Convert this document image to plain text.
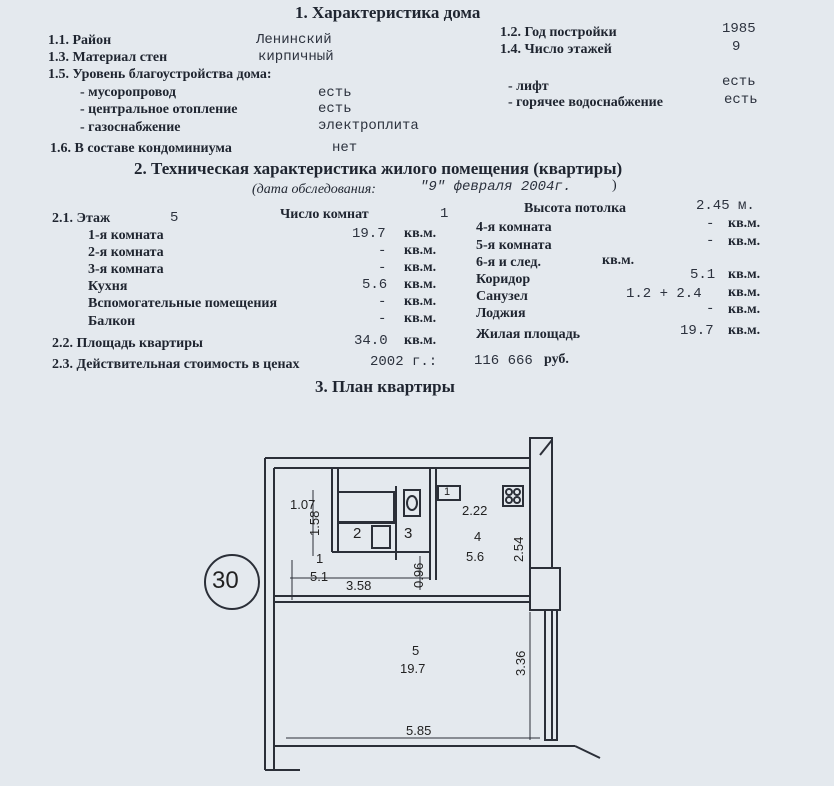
1. Характеристика дома
1.1. Район	Ленинский	1.2. Год постройки	1985
1.3. Материал стен	кирпичный	1.4. Число этажей	9
1.5. Уровень благоустройства дома:
- мусоропровод	есть	- лифт	есть
- центральное отопление	есть	- горячее водоснабжение	есть
- газоснабжение	электроплита
1.6. В составе кондоминиума	нет
2. Техническая характеристика жилого помещения (квартиры)
(дата обследования:	"9" февраля 2004г.	)
2.1. Этаж	5	Число комнат	1	Высота потолка	2.45 м.
1-я комната	19.7 кв.м.	4-я комната	- кв.м.
2-я комната	- кв.м.	5-я комната	- кв.м.
3-я комната	- кв.м.	6-я и след.	кв.м.
Кухня	5.6 кв.м.	Коридор	5.1 кв.м.
Вспомогательные помещения	- кв.м.	Санузел	1.2 + 2.4 кв.м.
Балкон	- кв.м.	Лоджия	- кв.м.
2.2. Площадь квартиры	34.0 кв.м.	Жилая площадь	19.7 кв.м.
2.3. Действительная стоимость в ценах	2002 г.:	116 666 руб.
3. План квартиры
1.07
1.58 2	3
1
5.1
3.58	0.96
2.22
4
5.6 2.54
1
5
19.7	3.36
5.85
30
